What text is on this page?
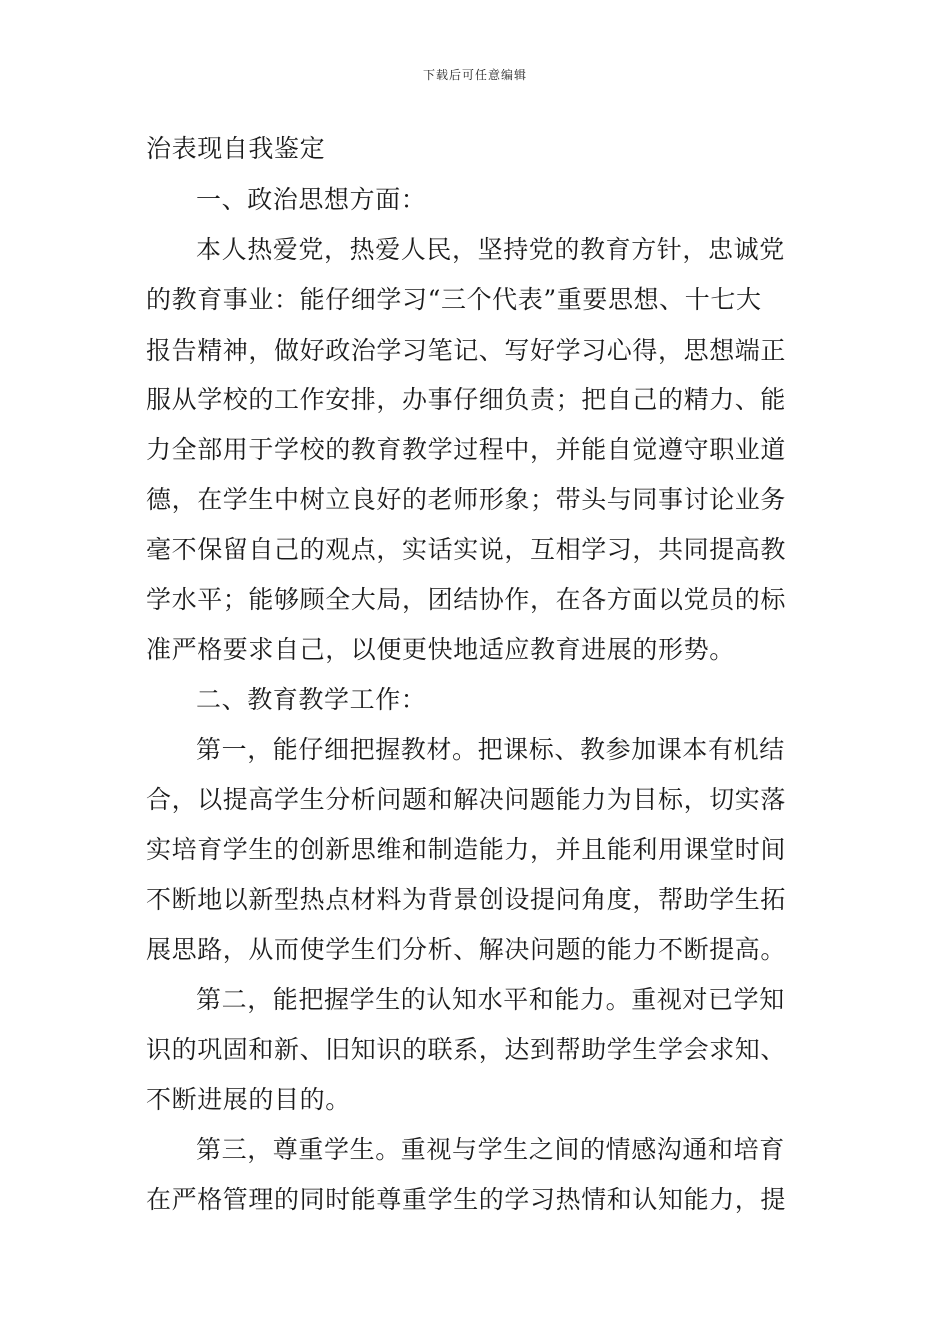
下载后可任意编辑
治表现自我鉴定
一、政治思想方面：
本人热爱党，热爱人民，坚持党的教育方针，忠诚党
的教育事业：能仔细学习“三个代表”重要思想、十七大
报告精神，做好政治学习笔记、写好学习心得，思想端正
服从学校的工作安排，办事仔细负责；把自己的精力、能
力全部用于学校的教育教学过程中，并能自觉遵守职业道
德，在学生中树立良好的老师形象；带头与同事讨论业务
毫不保留自己的观点，实话实说，互相学习，共同提高教
学水平；能够顾全大局，团结协作，在各方面以党员的标
准严格要求自己，以便更快地适应教育进展的形势。
二、教育教学工作：
第一，能仔细把握教材。把课标、教参加课本有机结
合，以提高学生分析问题和解决问题能力为目标，切实落
实培育学生的创新思维和制造能力，并且能利用课堂时间
不断地以新型热点材料为背景创设提问角度，帮助学生拓
展思路，从而使学生们分析、解决问题的能力不断提高。
第二，能把握学生的认知水平和能力。重视对已学知
识的巩固和新、旧知识的联系，达到帮助学生学会求知、
不断进展的目的。
第三，尊重学生。重视与学生之间的情感沟通和培育
在严格管理的同时能尊重学生的学习热情和认知能力，提
